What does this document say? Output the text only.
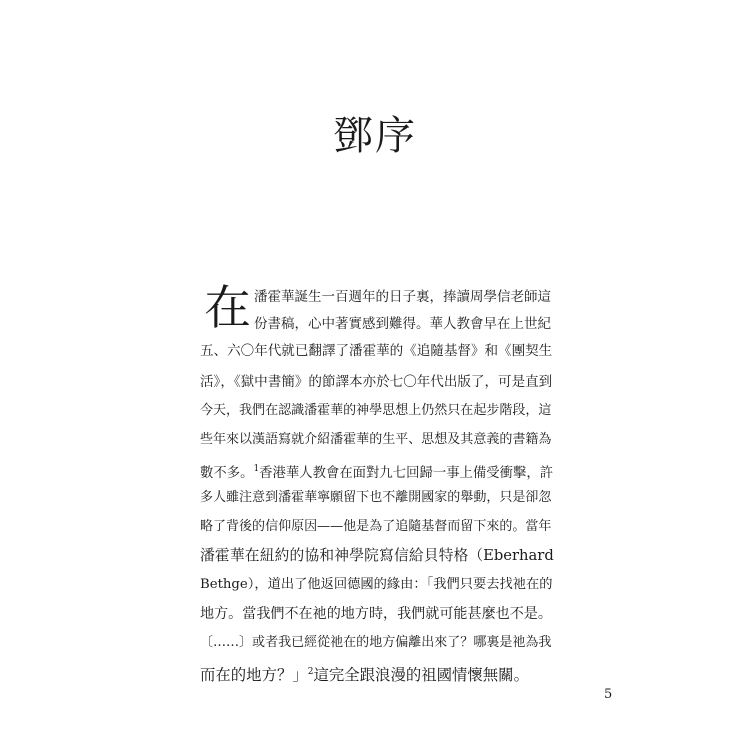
鄧序
在 潘霍華誕生一百週年的日子裏，捧讀周學信老師這
份書稿，心中著實感到難得。華人教會早在上世紀
五、六〇年代就已翻譯了潘霍華的《追隨基督》和《團契生
活》，《獄中書簡》的節譯本亦於七〇年代出版了，可是直到
今天，我們在認識潘霍華的神學思想上仍然只在起步階段，這
些年來以漢語寫就介紹潘霍華的生平、思想及其意義的書籍為
數不多。$^1$香港華人教會在面對九七回歸一事上備受衝擊，許
多人雖注意到潘霍華寧願留下也不離開國家的舉動，只是卻忽
略了背後的信仰原因——他是為了追隨基督而留下來的。當年
潘 霍 華 在 紐 約 的 協 和 神 學 院 寫 信 給 貝 特 格（Eberhard
Bethge），道出了他返回德國的緣由：「我們只要去找祂在的
地方。當我們不在祂的地方時，我們就可能甚麼也不是。
〔……〕或者我已經從祂在的地方偏離出來了？哪裏是祂為我
而在的地方？」$^2$這完全跟浪漫的祖國情懷無關。
5
